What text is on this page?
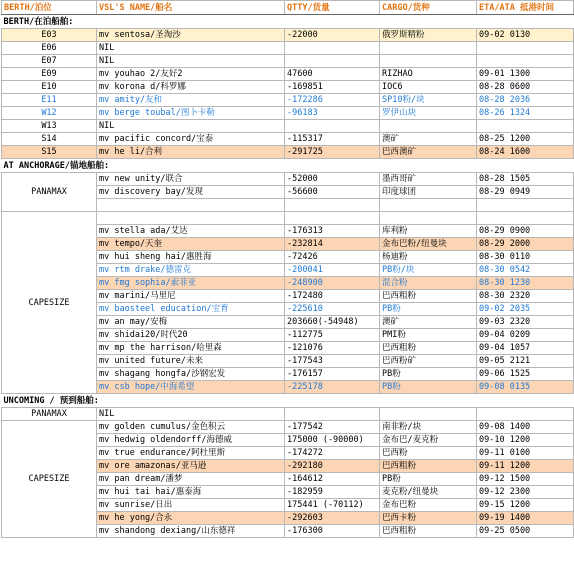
BERTH/泊位	VSL'S NAME/船名	QTTY/货量	CARGO/货种	ETA/ATA 抵港时间
BERTH/在泊船舶:				
E03	mv sentosa/圣淘沙	-22000	俄罗斯精粉	09-02 0130
E06	NIL			
E07	NIL			
E09	mv youhao 2/友好2	47600	RIZHAO	09-01 1300
E10	mv korona d/科罗娜	-169851	IOC6	08-28 0600
E11	mv amity/友和	-172286	SP10粉/块	08-28 2036
W12	mv berge toubal/图卜卡勒	-96183	罗伊山块	08-26 1324
W13	NIL			
S14	mv pacific concord/宝泰	-115317	澳矿	08-25 1200
S15	mv he li/合利	-291725	巴西澳矿	08-24 1600
AT ANCHORAGE/锚地船舶:				
PANAMAX	mv new unity/联合	-52000	墨西哥矿	08-28 1505
	mv discovery bay/发现	-56600	印度球团	08-29 0949

CAPESIZE				
	mv stella ada/艾达	-176313	库利粉	08-29 0900
	mv tempo/天奎	-232814	金布巴粉/纽曼块	08-29 2000
	mv hui sheng hai/惠胜海	-72426	杨迪粉	08-30 0110
	mv rtm drake/德雷克	-200041	PB粉/块	08-30 0542
	mv fmg sophia/索菲亚	-248900	混合粉	08-30 1230
	mv marini/马里尼	-172480	巴西粗粉	08-30 2320
	mv baosteel education/宝育	-225610	PB粉	09-02 2035
	mv an may/安梅	203660(-54948)	澳矿	09-03 2320
	mv shidai20/时代20	-112775	PMI粉	09-04 0209
	mv mp the harrison/哈里森	-121076	巴西粗粉	09-04 1057
	mv united future/未来	-177543	巴西粉矿	09-05 2121
	mv shagang hongfa/沙钢宏发	-176157	PB粉	09-06 1525
	mv csb hope/中海希望	-225178	PB粉	09-08 0135
UNCOMING / 预到船舶:				
PANAMAX	NIL			
CAPESIZE	mv golden cumulus/金色积云	-177542	南非粉/块	09-08 1400
	mv hedwig oldendorff/海德威	175000 (-90000)	金布巴/麦克粉	09-10 1200
	mv true endurance/阿杜里斯	-174272	巴西粉	09-11 0100
	mv ore amazonas/亚马逊	-292180	巴西粗粉	09-11 1200
	mv pan dream/潘梦	-164612	PB粉	09-12 1500
	mv hui tai hai/惠泰海	-182959	麦克粉/纽曼块	09-12 2300
	mv sunrise/日出	175441 (-70112)	金布巴粉	09-15 1200
	mv he yong/合永	-292603	巴西卡粉	09-19 1400
	mv shandong dexiang/山东德祥	-176300	巴西粗粉	09-25 0500
